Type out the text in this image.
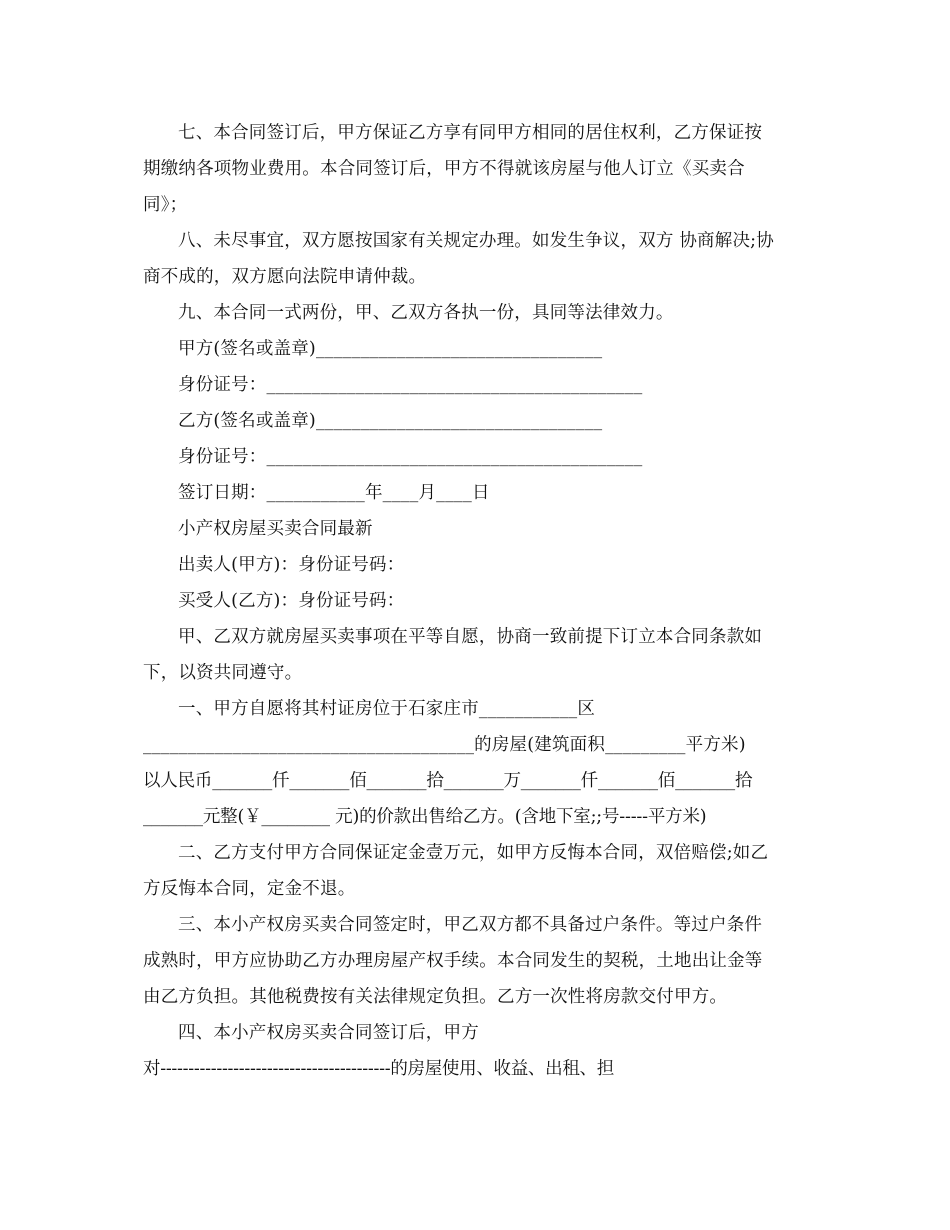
七、本合同签订后，甲方保证乙方享有同甲方相同的居住权利，乙方保证按
期缴纳各项物业费用。本合同签订后，甲方不得就该房屋与他人订立《买卖合
同》；
八、未尽事宜，双方愿按国家有关规定办理。如发生争议，双方 协商解决;协
商不成的，双方愿向法院申请仲裁。
九、本合同一式两份，甲、乙双方各执一份，具同等法律效力。
甲方(签名或盖章)________________________________
身份证号：__________________________________________
乙方(签名或盖章)________________________________
身份证号：__________________________________________
签订日期：___________年____月____日
小产权房屋买卖合同最新
出卖人(甲方)：身份证号码：
买受人(乙方)：身份证号码：
甲、乙双方就房屋买卖事项在平等自愿，协商一致前提下订立本合同条款如
下，以资共同遵守。
一、甲方自愿将其村证房位于石家庄市___________区
_____________________________________的房屋(建筑面积_________平方米)
以人民币_______仟_______佰_______拾_______万_______仟_______佰_______拾
_______元整(￥________ 元)的价款出售给乙方。(含地下室;;号-----平方米)
二、乙方支付甲方合同保证定金壹万元，如甲方反悔本合同，双倍赔偿;如乙
方反悔本合同，定金不退。
三、本小产权房买卖合同签定时，甲乙双方都不具备过户条件。等过户条件
成熟时，甲方应协助乙方办理房屋产权手续。本合同发生的契税，土地出让金等
由乙方负担。其他税费按有关法律规定负担。乙方一次性将房款交付甲方。
四、本小产权房买卖合同签订后，甲方
对-----------------------------------------的房屋使用、收益、出租、担
